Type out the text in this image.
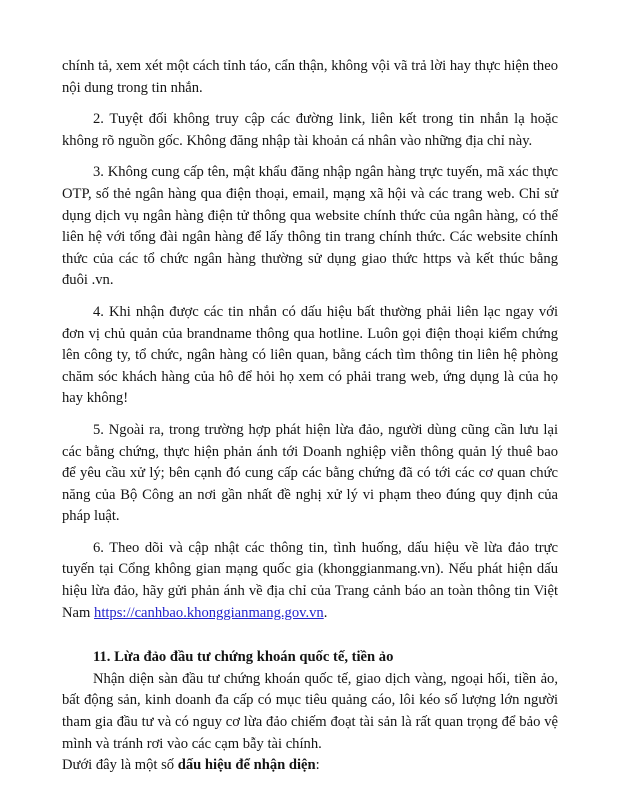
chính tả, xem xét một cách tỉnh táo, cẩn thận, không vội vã trả lời hay thực hiện theo nội dung trong tin nhắn.

2. Tuyệt đối không truy cập các đường link, liên kết trong tin nhắn lạ hoặc không rõ nguồn gốc. Không đăng nhập tài khoản cá nhân vào những địa chỉ này.

3. Không cung cấp tên, mật khẩu đăng nhập ngân hàng trực tuyến, mã xác thực OTP, số thẻ ngân hàng qua điện thoại, email, mạng xã hội và các trang web. Chỉ sử dụng dịch vụ ngân hàng điện tử thông qua website chính thức của ngân hàng, có thể liên hệ với tổng đài ngân hàng để lấy thông tin trang chính thức. Các website chính thức của các tổ chức ngân hàng thường sử dụng giao thức https và kết thúc bằng đuôi .vn.

4. Khi nhận được các tin nhắn có dấu hiệu bất thường phải liên lạc ngay với đơn vị chủ quản của brandname thông qua hotline. Luôn gọi điện thoại kiểm chứng lên công ty, tổ chức, ngân hàng có liên quan, bằng cách tìm thông tin liên hệ phòng chăm sóc khách hàng của hô để hỏi họ xem có phải trang web, ứng dụng là của họ hay không!

5. Ngoài ra, trong trường hợp phát hiện lừa đảo, người dùng cũng cần lưu lại các bằng chứng, thực hiện phản ánh tới Doanh nghiệp viễn thông quản lý thuê bao để yêu cầu xử lý; bên cạnh đó cung cấp các bằng chứng đã có tới các cơ quan chức năng của Bộ Công an nơi gần nhất đề nghị xử lý vi phạm theo đúng quy định của pháp luật.

6. Theo dõi và cập nhật các thông tin, tình huống, dấu hiệu về lừa đảo trực tuyến tại Cổng không gian mạng quốc gia (khonggianmang.vn). Nếu phát hiện dấu hiệu lừa đảo, hãy gửi phản ánh về địa chỉ của Trang cảnh báo an toàn thông tin Việt Nam https://canhbao.khonggianmang.gov.vn.

11. Lừa đảo đầu tư chứng khoán quốc tế, tiền ảo

Nhận diện sàn đầu tư chứng khoán quốc tế, giao dịch vàng, ngoại hối, tiền ảo, bất động sản, kinh doanh đa cấp có mục tiêu quảng cáo, lôi kéo số lượng lớn người tham gia đầu tư và có nguy cơ lừa đảo chiếm đoạt tài sản là rất quan trọng để bảo vệ mình và tránh rơi vào các cạm bẫy tài chính.

Dưới đây là một số dấu hiệu để nhận diện:
